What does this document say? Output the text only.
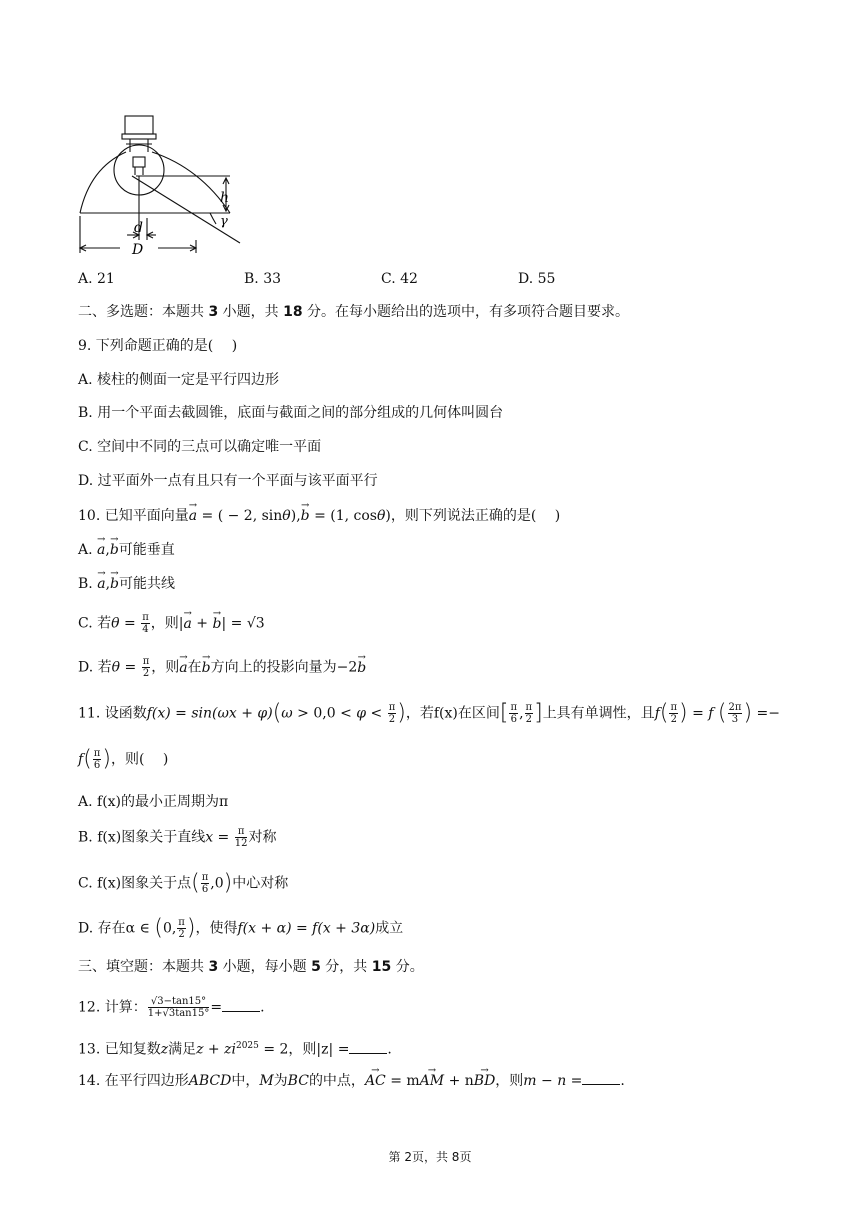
h
γ
d
D
A. 21	B. 33	C. 42	D. 55
二、多选题：本题共 3 小题，共 18 分。在每小题给出的选项中，有多项符合题目要求。
9. 下列命题正确的是(　 )
A. 棱柱的侧面一定是平行四边形
B. 用一个平面去截圆锥，底面与截面之间的部分组成的几何体叫圆台
C. 空间中不同的三点可以确定唯一平面
D. 过平面外一点有且只有一个平面与该平面平行
10. 已知平面向量→ a = ( − 2, sinθ),→ b = (1, cosθ)，则下列说法正确的是(　 )
A. → a,→ b可能垂直
B. → a,→ b可能共线
C. 若$\theta = \frac{\pi}{4}$ ，则|→ a + → b| = √3
D. 若$\theta = \frac{\pi}{2}$ ，则→ a在→ b方向上的投影向量为−2→ b
11. 设函数$f(x) = \sin(\omega x + \varphi)(\omega > 0,0 < \varphi < \frac{\pi}{2}$ )，若f(x)在区间[ $\frac{\pi}{6}$ , $\frac{\pi}{2}$ ]上具有单调性，且$f( \frac{\pi}{2}$ ) = f ( $\frac{2\pi}{3}$ ) =−
$f( \frac{\pi}{6}$ )，则(　 )
A. f(x)的最小正周期为π
B. f(x)图象关于直线$x = \frac{\pi}{12}$ 对称
C. f(x)图象关于点( $\frac{\pi}{6} ,0$)中心对称
D. 存在α ∈ (0, $\frac{\pi}{2}$ )，使得f(x + α) = f(x + 3α)成立
三、填空题：本题共 3 小题，每小题 5 分，共 15 分。
12. 计算： $\frac{√3-\tan 15^\circ}{1+√3\tan 15^\circ}$ =	.
13. 已知复数z满足$z + zi^{2025} = 2$，则|z| =	.
14. 在平行四边形ABCD中，M为BC的中点，→ AC = m→ AM + n→ BD，则m − n =	.
第 2页，共 8页
